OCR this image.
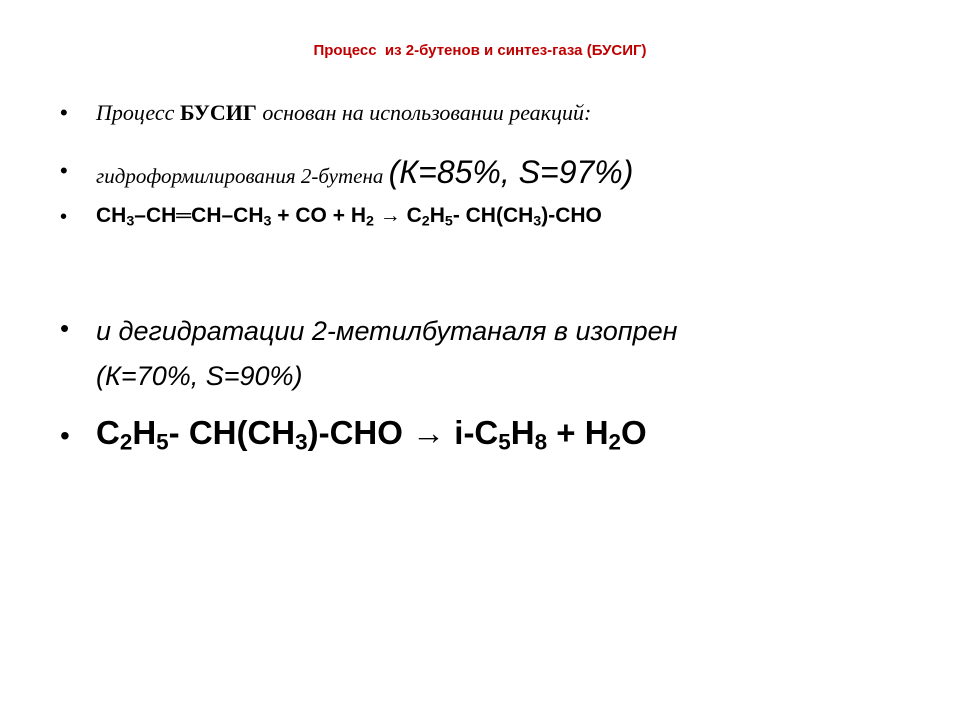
Процесс  из 2-бутенов и синтез-газа (БУСИГ)
• Процесс БУСИГ основан на использовании реакций:
• гидроформилирования 2-бутена (К=85%, S=97%)
• $CH_3-CH═CH-CH_3$ + CO + $H_2 \to C_2H_5-$ $CH(CH_3)$-CHO
• и дегидратации 2-метилбутаналя в изопрен
(К=70%, S=90%)
• $C_2H_5-$ $CH(CH_3)$-CHO → $i-C_5H_8 + H_2O$
